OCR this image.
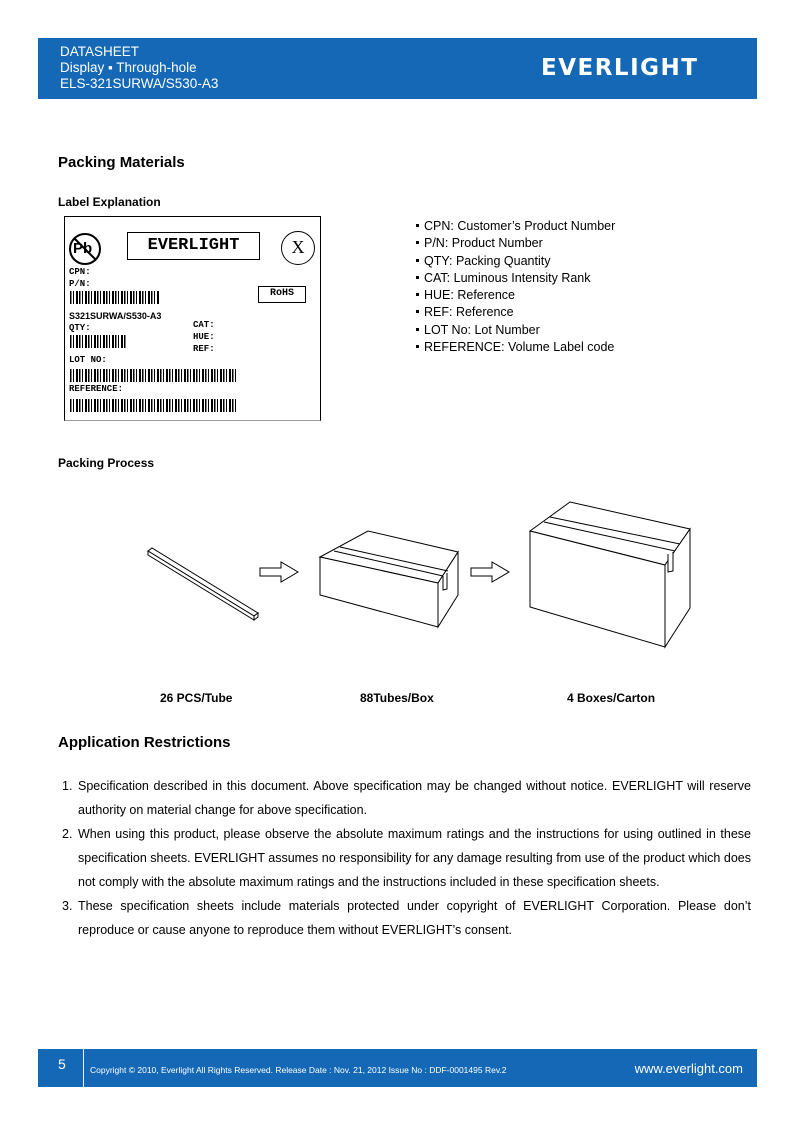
DATASHEET
Display ▪ Through-hole
ELS-321SURWA/S530-A3
EVERLIGHT
Packing Materials
Label Explanation
Pb	EVERLIGHT	X
CPN:
P/N:
RoHS
S321SURWA/S530-A3
QTY:	CAT:
HUE:
REF:
LOT NO:
REFERENCE:
CPN: Customer’s Product Number
P/N: Product Number
QTY: Packing Quantity
CAT: Luminous Intensity Rank
HUE: Reference
REF: Reference
LOT No: Lot Number
REFERENCE: Volume Label code
Packing Process
26 PCS/Tube	88Tubes/Box	4 Boxes/Carton
Application Restrictions
1. Specification described in this document. Above specification may be changed without notice. EVERLIGHT will reserve authority on material change for above specification.
2. When using this product, please observe the absolute maximum ratings and the instructions for using outlined in these specification sheets. EVERLIGHT assumes no responsibility for any damage resulting from use of the product which does not comply with the absolute maximum ratings and the instructions included in these specification sheets.
3. These specification sheets include materials protected under copyright of EVERLIGHT Corporation. Please don’t reproduce or cause anyone to reproduce them without EVERLIGHT’s consent.
5	Copyright © 2010, Everlight All Rights Reserved. Release Date : Nov. 21, 2012 Issue No : DDF-0001495 Rev.2	www.everlight.com
